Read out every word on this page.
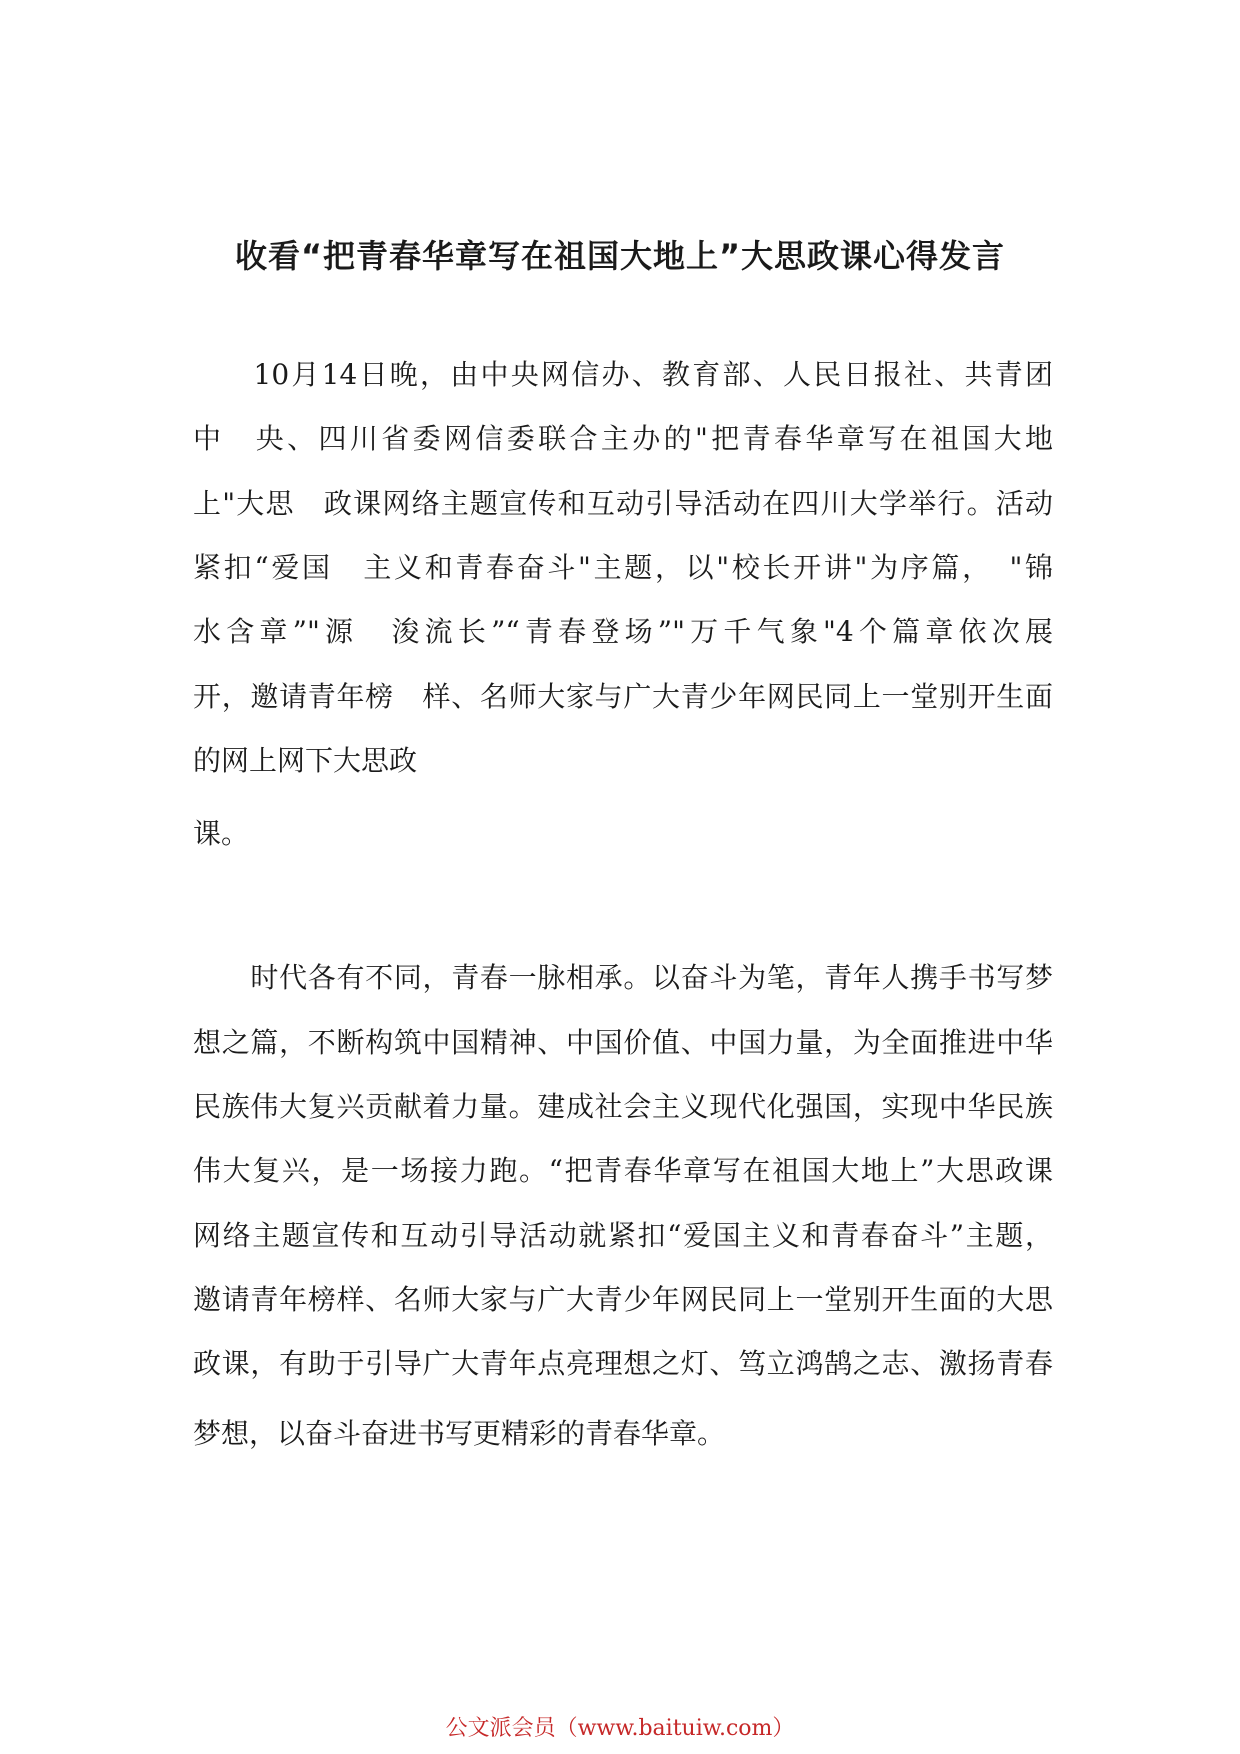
收看“把青春华章写在祖国大地上”大思政课心得发言
　　10月14日晚，由中央网信办、教育部、人民日报社、共青团
中　央、四川省委网信委联合主办的"把青春华章写在祖国大地
上"大思　政课网络主题宣传和互动引导活动在四川大学举行。活动
紧扣“爱国　主义和青春奋斗"主题，以"校长开讲"为序篇，　"锦
水含章”"源　浚流长”“青春登场”"万千气象"4个篇章依次展
开，邀请青年榜　样、名师大家与广大青少年网民同上一堂别开生面
的网上网下大思政
课。
　　时代各有不同，青春一脉相承。以奋斗为笔，青年人携手书写梦
想之篇，不断构筑中国精神、中国价值、中国力量，为全面推进中华
民族伟大复兴贡献着力量。建成社会主义现代化强国，实现中华民族
伟大复兴，是一场接力跑。“把青春华章写在祖国大地上”大思政课
网络主题宣传和互动引导活动就紧扣“爱国主义和青春奋斗”主题，
邀请青年榜样、名师大家与广大青少年网民同上一堂别开生面的大思
政课，有助于引导广大青年点亮理想之灯、笃立鸿鹄之志、激扬青春
梦想，以奋斗奋进书写更精彩的青春华章。
公文派会员（www.baituiw.com）
